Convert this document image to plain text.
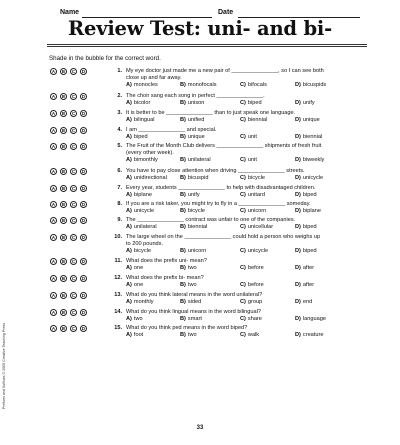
Name	Date
Review Test: uni- and bi-
Shade in the bubble for the correct word.
A	B	C	D	1. My eye doctor just made me a new pair of _______________, so I can see both
close up and far away.
A) monocles	B) monofocals	C) bifocals	D) bicuspids
A	B	C	D	2. The choir sang each song in perfect _______________.
A) bicolor	B) unison	C) biped	D) unify
A	B	C	D	3. It is better to be _______________ than to just speak one language.
A) bilingual	B) unified	C) biennial	D) unique
A	B	C	D	4. I am _______________ and special.
A) biped	B) unique	C) unit	D) biennial
A	B	C	D	5. The Fruit of the Month Club delivers _______________ shipments of fresh fruit
(every other week).
A) bimonthly	B) unilateral	C) unit	D) biweekly
A	B	C	D	6. You have to pay close attention when driving _______________ streets.
A) unidirectional B) bicuspid	C) bicycle	D) unicycle
A	B	C	D	7. Every year, students _______________ to help with disadvantaged children.
A) biplane	B) unify	C) unitard	D) biped
A	B	C	D	8. If you are a risk taker, you might try to fly in a _______________ someday.
A) unicycle	B) bicycle	C) unicorn	D) biplane
A	B	C	D	9. The _______________ contract was unfair to one of the companies.
A) unilateral	B) biennial	C) unicellular	D) biped
A	B	C	D	10. The large wheel on the _______________ could hold a person who weighs up
to 200 pounds.
A) bicycle	B) unicorn	C) unicycle	D) biped
A	B	C	D	11. What does the prefix uni- mean?
A) one	B) two	C) before	D) after
A	B	C	D	12. What does the prefix bi- mean?
A) one	B) two	C) before	D) after
A	B	C	D	13. What do you think lateral means in the word unilateral?
A) monthly	B) sided	C) group	D) end
A	B	C	D	14. What do you think lingual means in the word bilingual?
A) two	B) smart	C) share	D) language
A	B	C	D	15. What do you think ped means in the word biped?
A) foot	B) two	C) walk	D) creature
Prefixes and Suffixes © 2005 Creative Teaching Press
33
